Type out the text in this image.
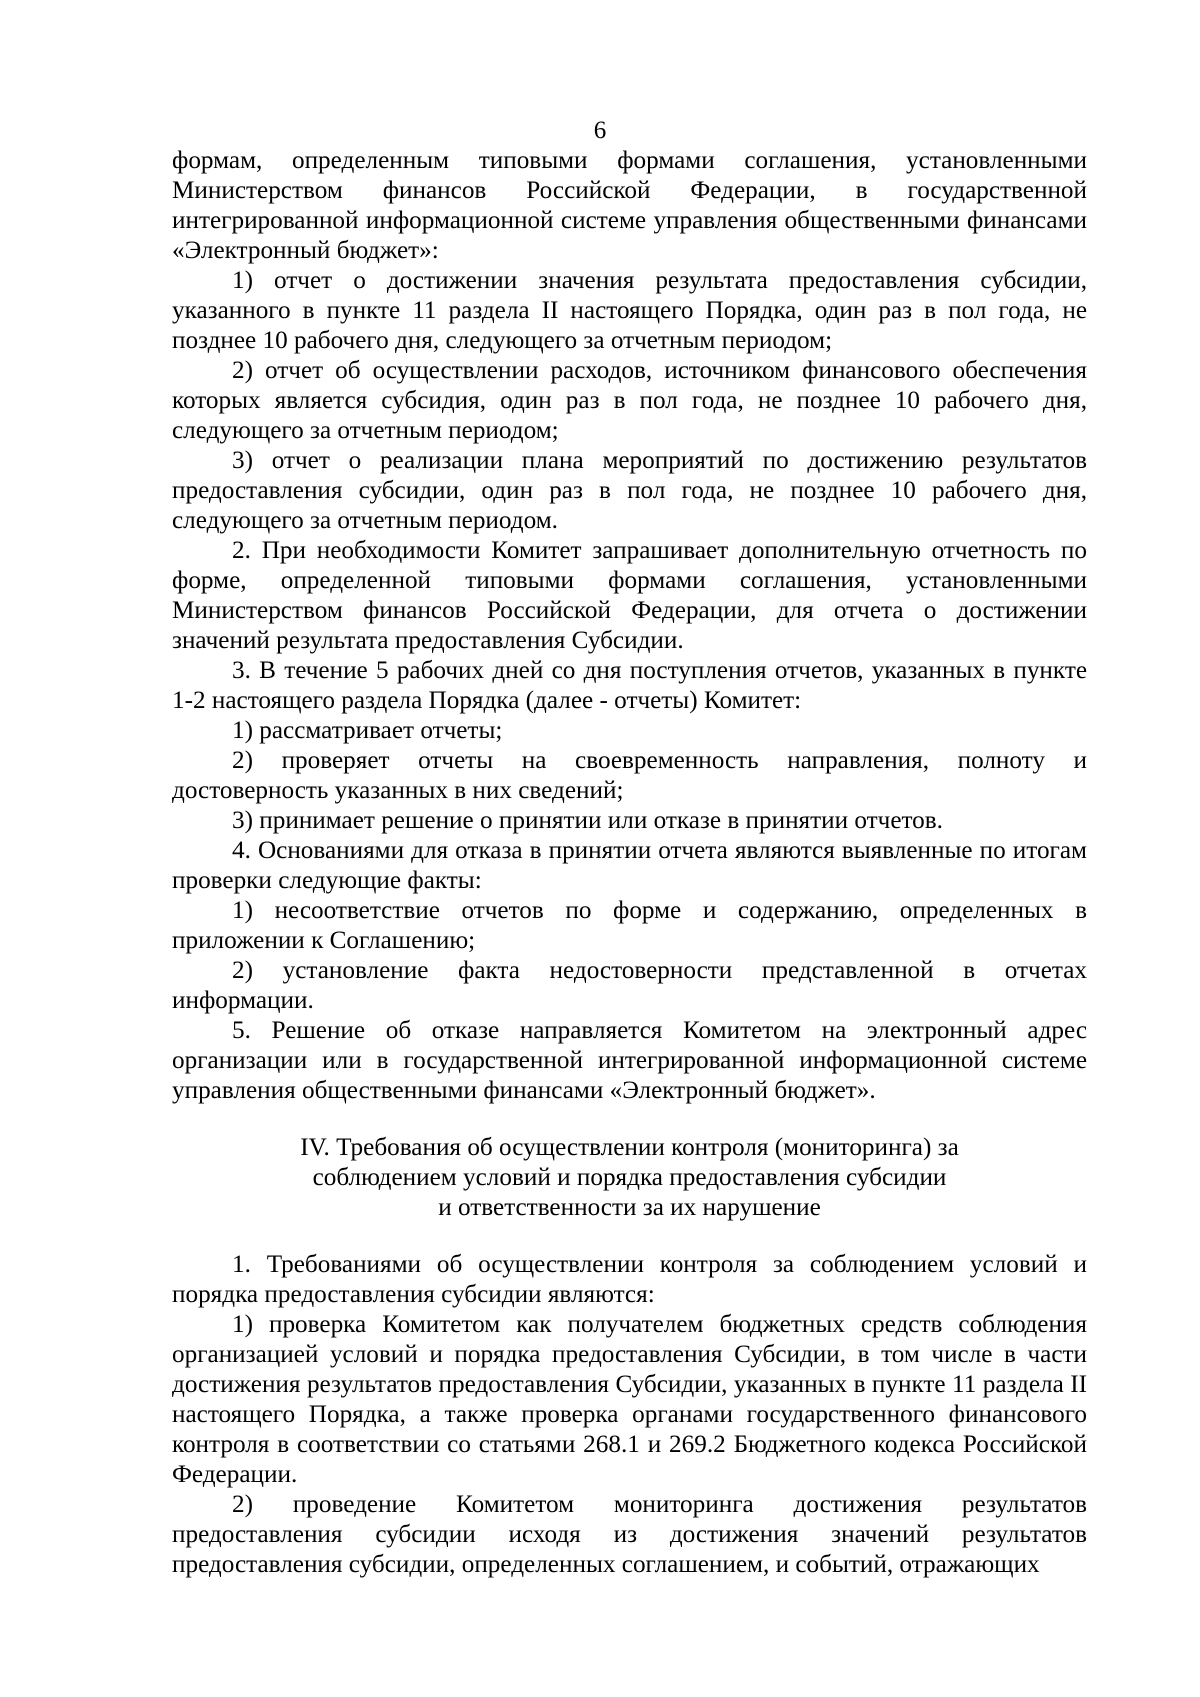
6

формам, определенным типовыми формами соглашения, установленными Министерством финансов Российской Федерации, в государственной интегрированной информационной системе управления общественными финансами «Электронный бюджет»:

1) отчет о достижении значения результата предоставления субсидии, указанного в пункте 11 раздела II настоящего Порядка, один раз в пол года, не позднее 10 рабочего дня, следующего за отчетным периодом;

2) отчет об осуществлении расходов, источником финансового обеспечения которых является субсидия, один раз в пол года, не позднее 10 рабочего дня, следующего за отчетным периодом;

3) отчет о реализации плана мероприятий по достижению результатов предоставления субсидии, один раз в пол года, не позднее 10 рабочего дня, следующего за отчетным периодом.

2. При необходимости Комитет запрашивает дополнительную отчетность по форме, определенной типовыми формами соглашения, установленными Министерством финансов Российской Федерации, для отчета о достижении значений результата предоставления Субсидии.

3. В течение 5 рабочих дней со дня поступления отчетов, указанных в пункте 1-2 настоящего раздела Порядка (далее - отчеты) Комитет:

1) рассматривает отчеты;

2) проверяет отчеты на своевременность направления, полноту и достоверность указанных в них сведений;

3) принимает решение о принятии или отказе в принятии отчетов.

4. Основаниями для отказа в принятии отчета являются выявленные по итогам проверки следующие факты:

1) несоответствие отчетов по форме и содержанию, определенных в приложении к Соглашению;

2) установление факта недостоверности представленной в отчетах информации.

5. Решение об отказе направляется Комитетом на электронный адрес организации или в государственной интегрированной информационной системе управления общественными финансами «Электронный бюджет».

IV. Требования об осуществлении контроля (мониторинга) за
соблюдением условий и порядка предоставления субсидии
и ответственности за их нарушение

1. Требованиями об осуществлении контроля за соблюдением условий и порядка предоставления субсидии являются:

1) проверка Комитетом как получателем бюджетных средств соблюдения организацией условий и порядка предоставления Субсидии, в том числе в части достижения результатов предоставления Субсидии, указанных в пункте 11 раздела II настоящего Порядка, а также проверка органами государственного финансового контроля в соответствии со статьями 268.1 и 269.2 Бюджетного кодекса Российской Федерации.

2) проведение Комитетом мониторинга достижения результатов предоставления субсидии исходя из достижения значений результатов предоставления субсидии, определенных соглашением, и событий, отражающих
